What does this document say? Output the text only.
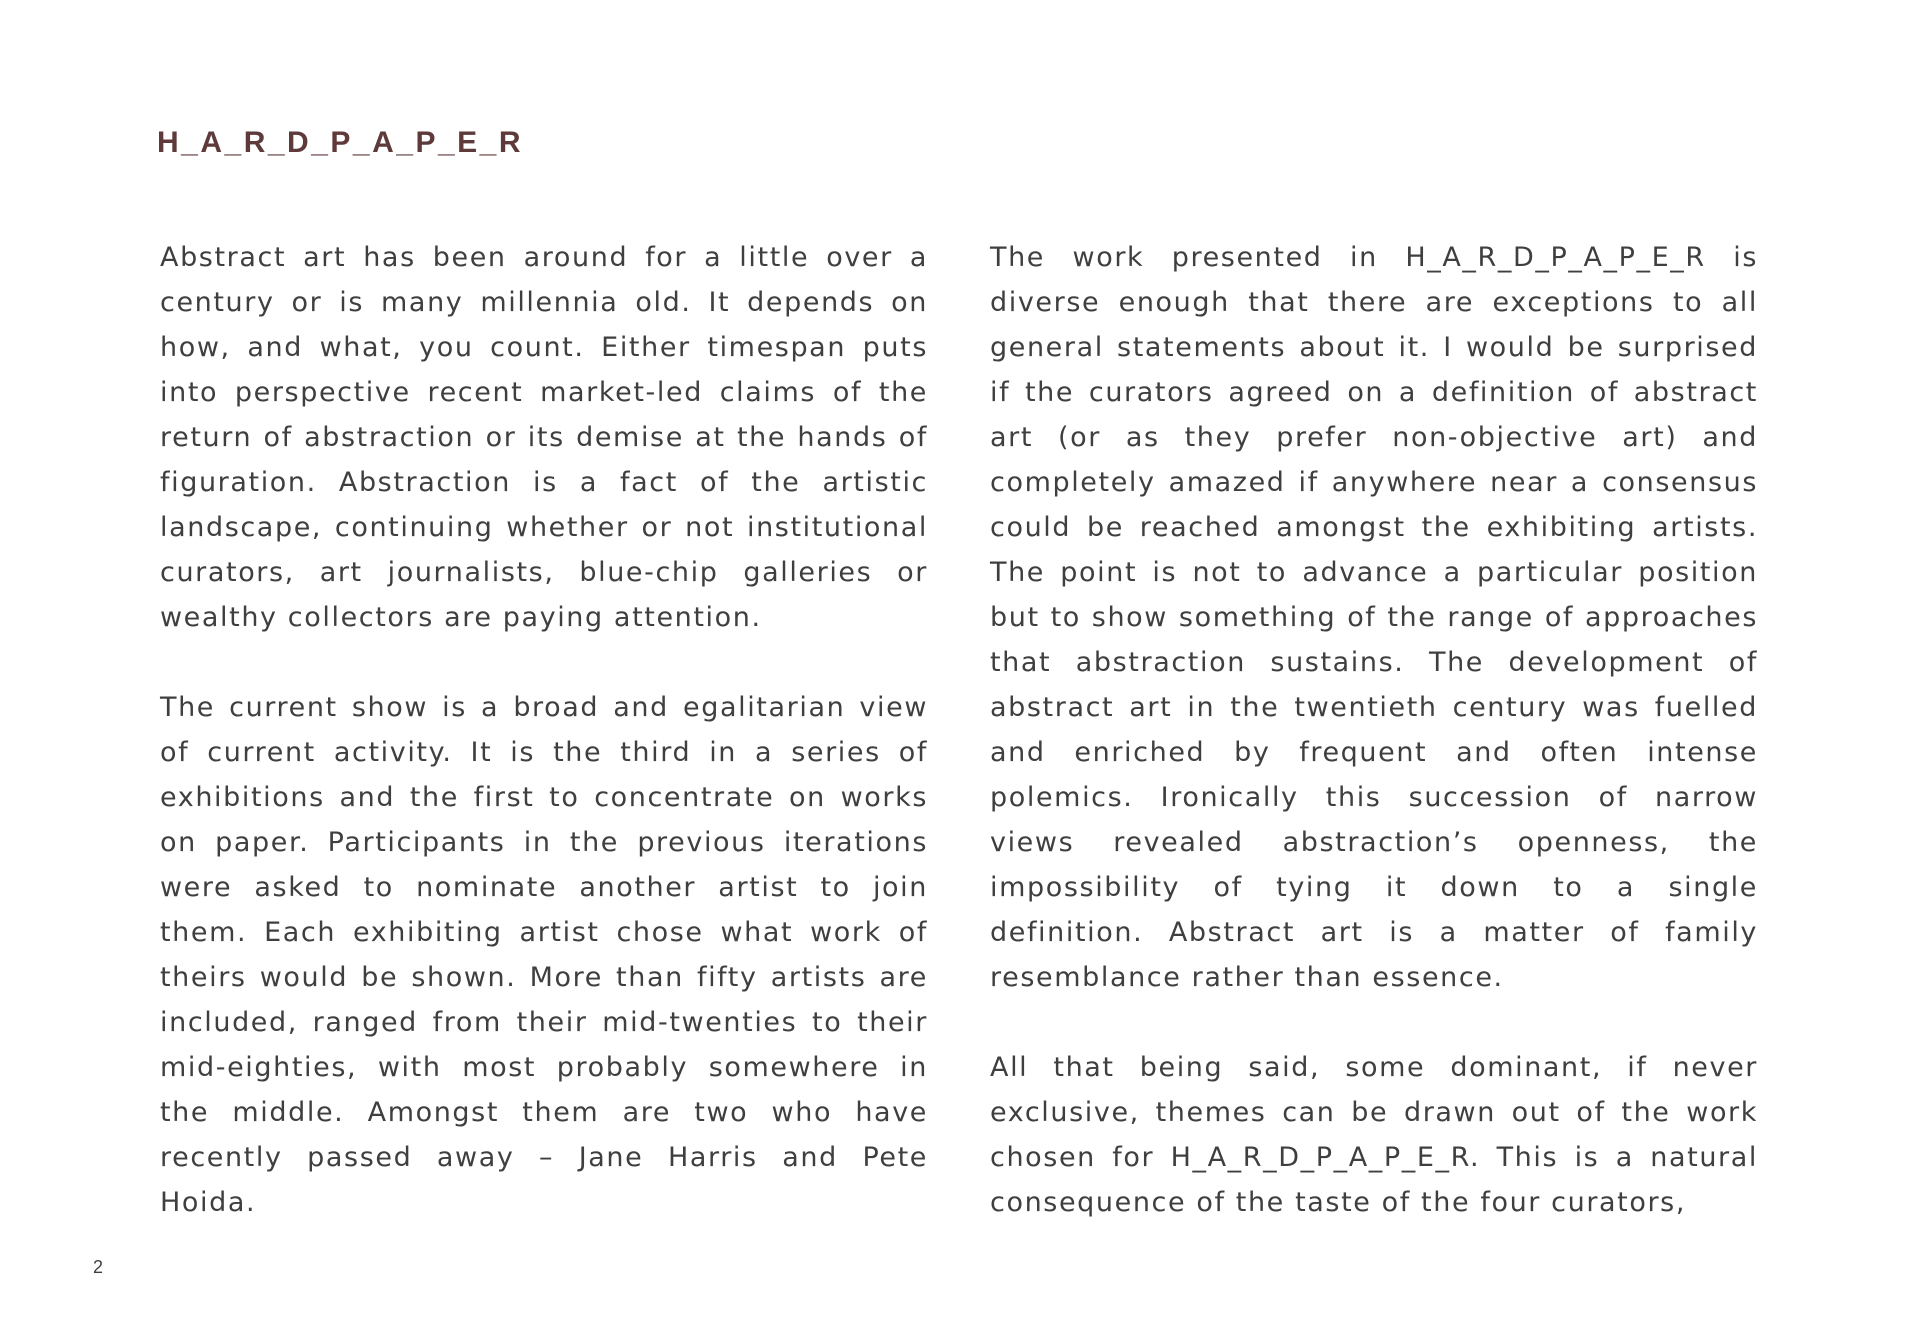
H_A_R_D_P_A_P_E_R

Abstract art has been around for a little over a century or is many millennia old. It depends on how, and what, you count. Either timespan puts into perspective recent market-led claims of the return of abstraction or its demise at the hands of figuration. Abstraction is a fact of the artistic landscape, continuing whether or not institutional curators, art journalists, blue-chip galleries or wealthy collectors are paying attention.

The current show is a broad and egalitarian view of current activity. It is the third in a series of exhibitions and the first to concentrate on works on paper. Participants in the previous iterations were asked to nominate another artist to join them. Each exhibiting artist chose what work of theirs would be shown. More than fifty artists are included, ranged from their mid-twenties to their mid-eighties, with most probably somewhere in the middle. Amongst them are two who have recently passed away – Jane Harris and Pete Hoida.

The work presented in H_A_R_D_P_A_P_E_R is diverse enough that there are exceptions to all general statements about it. I would be surprised if the curators agreed on a definition of abstract art (or as they prefer non-objective art) and completely amazed if anywhere near a consensus could be reached amongst the exhibiting artists. The point is not to advance a particular position but to show something of the range of approaches that abstraction sustains. The development of abstract art in the twentieth century was fuelled and enriched by frequent and often intense polemics. Ironically this succession of narrow views revealed abstraction’s openness, the impossibility of tying it down to a single definition. Abstract art is a matter of family resemblance rather than essence.

All that being said, some dominant, if never exclusive, themes can be drawn out of the work chosen for H_A_R_D_P_A_P_E_R. This is a natural consequence of the taste of the four curators,

2
